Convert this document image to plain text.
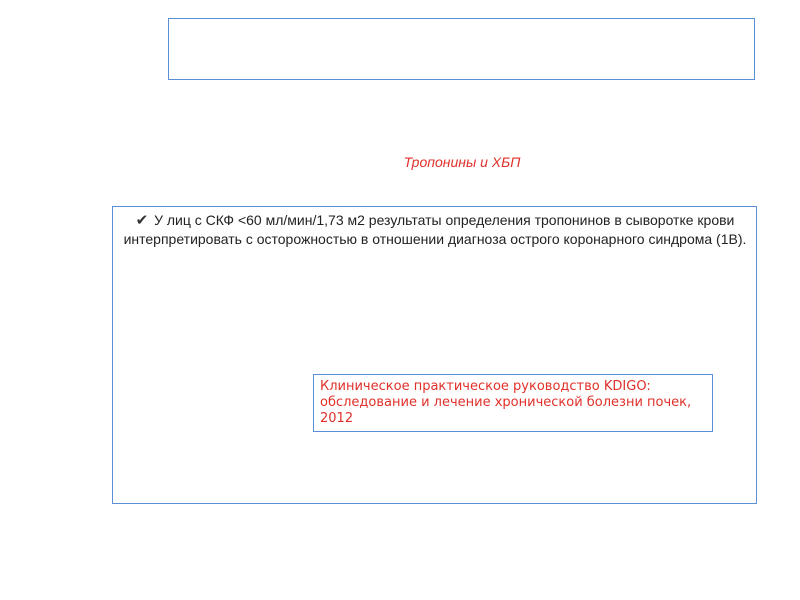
Тропонины и ХБП
✔ У лиц с СКФ <60 мл/мин/1,73 м2 результаты определения тропонинов в сыворотке крови интерпретировать с осторожностью в отношении диагноза острого коронарного синдрома (1B).
Клиническое практическое руководство KDIGO: обследование и лечение хронической болезни почек, 2012
